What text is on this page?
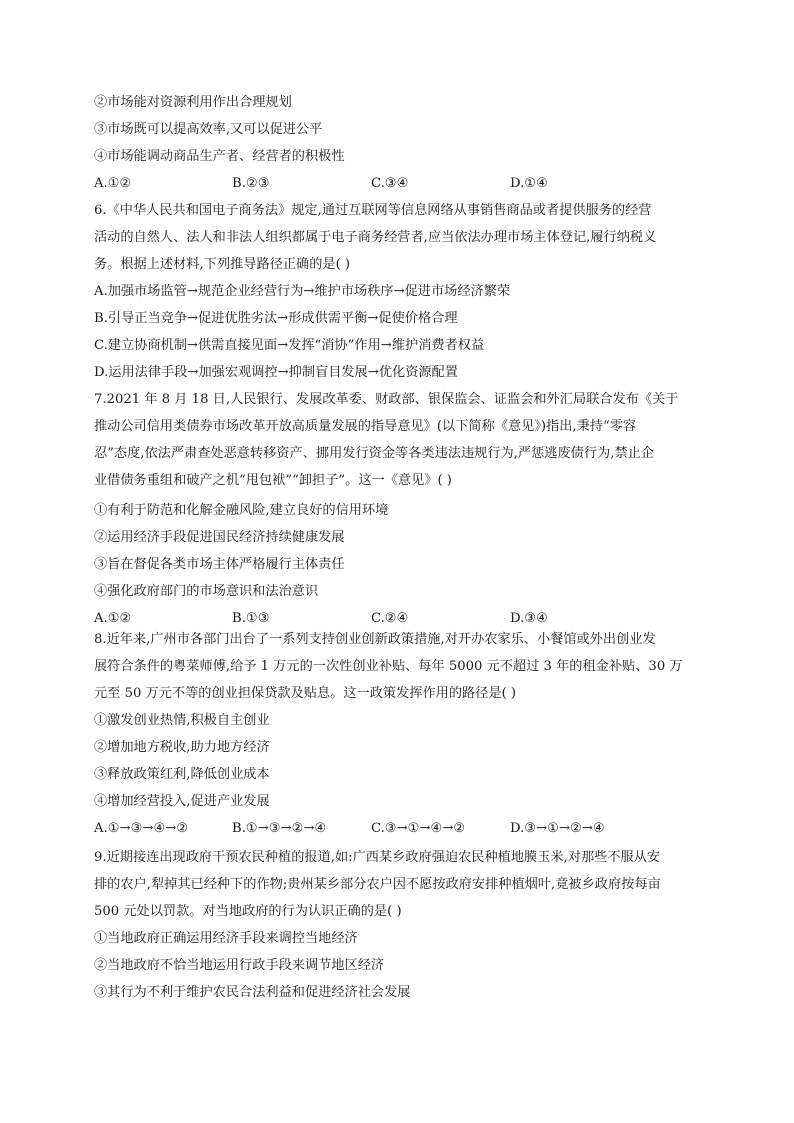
②市场能对资源利用作出合理规划
③市场既可以提高效率,又可以促进公平
④市场能调动商品生产者、经营者的积极性
A.①②	B.②③	C.③④	D.①④
6.《中华人民共和国电子商务法》规定,通过互联网等信息网络从事销售商品或者提供服务的经营
活动的自然人、法人和非法人组织都属于电子商务经营者,应当依法办理市场主体登记,履行纳税义
务。根据上述材料,下列推导路径正确的是( )
A.加强市场监管→规范企业经营行为→维护市场秩序→促进市场经济繁荣
B.引导正当竞争→促进优胜劣汰→形成供需平衡→促使价格合理
C.建立协商机制→供需直接见面→发挥“消协”作用→维护消费者权益
D.运用法律手段→加强宏观调控→抑制盲目发展→优化资源配置
7.2021 年 8 月 18 日,人民银行、发展改革委、财政部、银保监会、证监会和外汇局联合发布《关于
推动公司信用类债券市场改革开放高质量发展的指导意见》(以下简称《意见》)指出,秉持“零容
忍”态度,依法严肃查处恶意转移资产、挪用发行资金等各类违法违规行为,严惩逃废债行为,禁止企
业借债务重组和破产之机“甩包袱”“卸担子”。这一《意见》( )
①有利于防范和化解金融风险,建立良好的信用环境
②运用经济手段促进国民经济持续健康发展
③旨在督促各类市场主体严格履行主体责任
④强化政府部门的市场意识和法治意识
A.①②	B.①③	C.②④	D.③④
8.近年来,广州市各部门出台了一系列支持创业创新政策措施,对开办农家乐、小餐馆或外出创业发
展符合条件的粤菜师傅,给予 1 万元的一次性创业补贴、每年 5000 元不超过 3 年的租金补贴、30 万
元至 50 万元不等的创业担保贷款及贴息。这一政策发挥作用的路径是( )
①激发创业热情,积极自主创业
②增加地方税收,助力地方经济
③释放政策红利,降低创业成本
④增加经营投入,促进产业发展
A.①→③→④→②	B.①→③→②→④	C.③→①→④→②	D.③→①→②→④
9.近期接连出现政府干预农民种植的报道,如:广西某乡政府强迫农民种植地膜玉米,对那些不服从安
排的农户,犁掉其已经种下的作物;贵州某乡部分农户因不愿按政府安排种植烟叶,竟被乡政府按每亩
500 元处以罚款。对当地政府的行为认识正确的是( )
①当地政府正确运用经济手段来调控当地经济
②当地政府不恰当地运用行政手段来调节地区经济
③其行为不利于维护农民合法利益和促进经济社会发展
